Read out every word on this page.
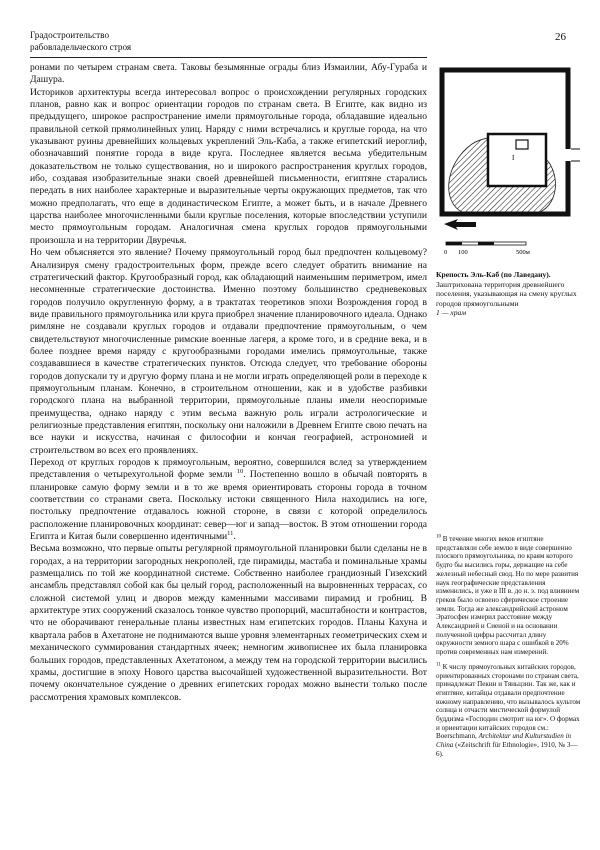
Градостроительство
рабовладельческого строя
26

ронами по четырем странам света. Таковы безымянные ограды близ Измаилии, Абу-Гураба и Дашура.

Историков архитектуры всегда интересовал вопрос о происхождении регулярных городских планов, равно как и вопрос ориентации городов по странам света. В Египте, как видно из предыдущего, широкое распространение имели прямоугольные города, обладавшие идеально правильной сеткой прямолинейных улиц. Наряду с ними встречались и круглые города, на что указывают руины древнейших кольцевых укреплений Эль-Каба, а также египетский иероглиф, обозначавший понятие города в виде круга. Последнее является весьма убедительным доказательством не только существования, но и широкого распространения круглых городов, ибо, создавая изобразительные знаки своей древнейшей письменности, египтяне старались передать в них наиболее характерные и выразительные черты окружающих предметов, так что можно предполагать, что еще в додинастическом Египте, а может быть, и в начале Древнего царства наиболее многочисленными были круглые поселения, которые впоследствии уступили место прямоугольным городам. Аналогичная смена круглых городов прямоугольными произошла и на территории Двуречья.

Но чем объясняется это явление? Почему прямоугольный город был предпочтен кольцевому? Анализируя смену градостроительных форм, прежде всего следует обратить внимание на стратегический фактор. Кругообразный город, как обладающий наименьшим периметром, имел несомненные стратегические достоинства. Именно поэтому большинство средневековых городов получило округленную форму, а в трактатах теоретиков эпохи Возрождения город в виде правильного прямоугольника или круга приобрел значение планировочного идеала. Однако римляне не создавали круглых городов и отдавали предпочтение прямоугольным, о чем свидетельствуют многочисленные римские военные лагеря, а кроме того, и в средние века, и в более позднее время наряду с кругообразными городами имелись прямоугольные, также создававшиеся в качестве стратегических пунктов. Отсюда следует, что требование обороны городов допускали ту и другую форму плана и не могли играть определяющей роли в переходе к прямоугольным планам. Конечно, в строительном отношении, как и в удобстве разбивки городского плана на выбранной территории, прямоугольные планы имели неоспоримые преимущества, однако наряду с этим весьма важную роль играли астрологические и религиозные представления египтян, поскольку они наложили в Древнем Египте свою печать на все науки и искусства, начиная с философии и кончая географией, астрономией и строительством во всех его проявлениях.

Переход от круглых городов к прямоугольным, вероятно, совершился вслед за утверждением представления о четырехугольной форме земли $^{10}$. Постепенно вошло в обычай повторять в планировке самую форму земли и в то же время ориентировать стороны города в точном соответствии со странами света. Поскольку истоки священного Нила находились на юге, постольку предпочтение отдавалось южной стороне, в связи с которой определилось расположение планировочных координат: север—юг и запад—восток. В этом отношении города Египта и Китая были совершенно идентичными$^{11}$.

Весьма возможно, что первые опыты регулярной прямоугольной планировки были сделаны не в городах, а на территории загородных некрополей, где пирамиды, мастаба и поминальные храмы размещались по той же координатной системе. Собственно наиболее грандиозный Гизехский ансамбль представлял собой как бы целый город, расположенный на выровненных террасах, со сложной системой улиц и дворов между каменными массивами пирамид и гробниц. В архитектуре этих сооружений сказалось тонкое чувство пропорций, масштабности и контрастов, что не оборачивают генеральные планы известных нам египетских городов. Планы Кахуна и квартала рабов в Ахетатоне не поднимаются выше уровня элементарных геометрических схем и механического суммирования стандартных ячеек; немногим живописнее их была планировка больших городов, представленных Ахетатоном, а между тем на городской территории высились храмы, достигшие в эпоху Нового царства высочайшей художественной выразительности. Вот почему окончательное суждение о древних египетских городах можно вынести только после рассмотрения храмовых комплексов.

I
0 100	500м
Крепость Эль-Каб (по Лаведану).
Заштрихована территория древнейшего поселения, указывающая на смену круглых городов прямоугольными
1 — храм

$^{10}$ В течение многих веков египтяне представляли себе землю в виде совершенно плоского прямоугольника, по краям которого будто бы высились горы, держащие на себе железный небесный свод. Но по мере развития наук географические представления изменились, и уже в III в. до н. э. под влиянием греков было освоено сферическое строение земли. Тогда же александрийский астроном Эратосфен измерил расстояние между Александрией и Сиеной и на основании полученной цифры рассчитал длину окружности земного шара с ошибкой в 20% против современных нам измерений.

$^{11}$ К числу прямоугольных китайских городов, ориентированных сторонами по странам света, принадлежат Пекин и Тяньцзин. Так же, как и египтяне, китайцы отдавали предпочтение южному направлению, что вызывалось культом солнца и отчасти мистической формулой буддизма «Господин смотрит на юг». О формах и ориентации китайских городов см.: Boerschmann, Architektur und Kulturstudien in China («Zeitschrift für Ethnologie», 1910, № 3—6).
